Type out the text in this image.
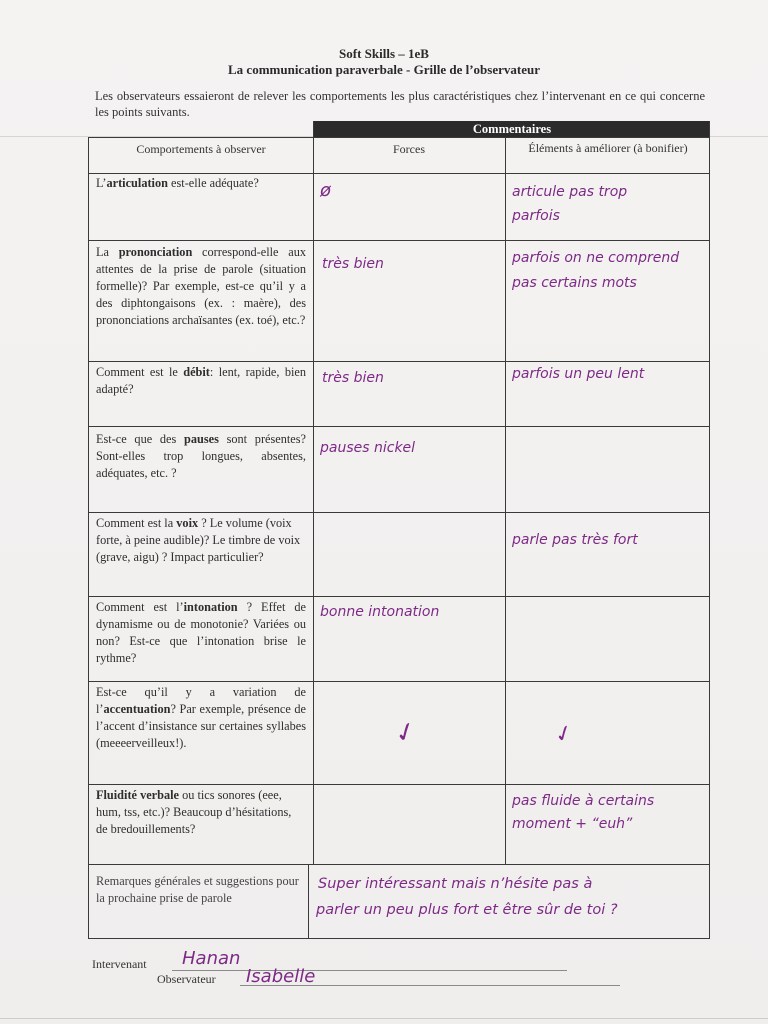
Soft Skills – 1eB
La communication paraverbale - Grille de l’observateur
Les observateurs essaieront de relever les comportements les plus caractéristiques chez l’intervenant en ce qui concerne les points suivants.
Commentaires
Comportements à observer	Forces	Éléments à améliorer (à bonifier)
L’articulation est-elle adéquate?
La prononciation correspond-elle aux attentes de la prise de parole (situation formelle)? Par exemple, est-ce qu’il y a des diphtongaisons (ex. : maère), des prononciations archaïsantes (ex. toé), etc.?
Comment est le débit: lent, rapide, bien adapté?
Est-ce que des pauses sont présentes? Sont-elles trop longues, absentes, adéquates, etc. ?
Comment est la voix ? Le volume (voix forte, à peine audible)? Le timbre de voix (grave, aigu) ? Impact particulier?
Comment est l’intonation ? Effet de dynamisme ou de monotonie? Variées ou non? Est-ce que l’intonation brise le rythme?
Est-ce qu’il y a variation de l’accentuation? Par exemple, présence de l’accent d’insistance sur certaines syllabes (meeeerveilleux!).
Fluidité verbale ou tics sonores (eee, hum, tss, etc.)? Beaucoup d’hésitations, de bredouillements?
Remarques générales et suggestions pour la prochaine prise de parole
ø
très bien
très bien
pauses nickel
bonne intonation
✓
articule pas trop parfois
parfois on ne comprend pas certains mots
parfois un peu lent
parle pas très fort
✓
pas fluide à certains moment + “euh”
Super intéressant mais n’hésite pas à
parler un peu plus fort et être sûr de toi ?
Intervenant Hanan
Observateur Isabelle
